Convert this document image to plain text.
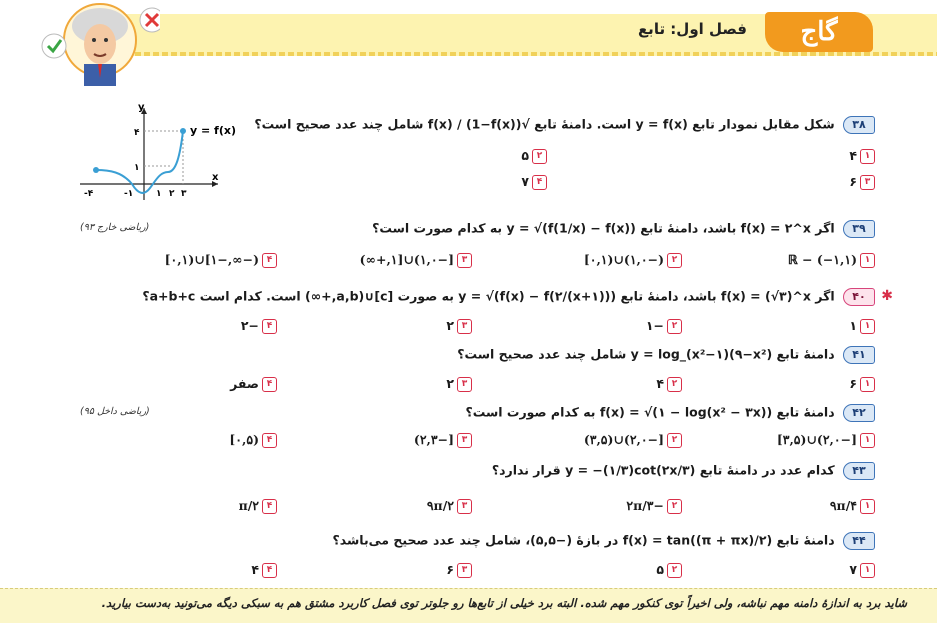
فصل اول: تابع	گاج
x
y
y = f(x)
۴
۱
-۴	-۱	۱ ۲ ۳
(ریاضی خارج ۹۳)
۳۸ شکل مقابل نمودار تابع y = f(x) است. دامنهٔ تابع √f(x) / (1−f(x)) شامل چند عدد صحیح است؟
۱۴
۲۵
۳۶
۴۷
۳۹ اگر f(x) = ۲^x باشد، دامنهٔ تابع y = √(f(1/x) − f(x)) به کدام صورت است؟
۱ℝ − (−۱,۱)
۲(−۱,۰)∪(۰,۱]
۳[−۱,۰)∪[۱,+∞)
۴(−∞,−۱]∪(۰,۱]
✱
۴۰ اگر f(x) = (√۳)^x باشد، دامنهٔ تابع y = √(f(x) − f(۲/(x+۱))) به صورت [a,b)∪[c,+∞) است. کدام است a+b+c؟
۱۱
۲−۱
۳۲
۴−۲
۴۱ دامنهٔ تابع y = log_(x²−۱)(۹−x²) شامل چند عدد صحیح است؟
۱۶
۲۴
۳۲
۴صفر
۴۲ دامنهٔ تابع f(x) = √(۱ − log(x² − ۳x)) به کدام صورت است؟
(ریاضی داخل ۹۵)
۱[−۲,۰)∪(۳,۵]
۲[−۲,۰)∪(۳,۵)
۳[−۲,۳)
۴(۰,۵]
۴۳ کدام عدد در دامنهٔ تابع y = −(۱/۳)cot(۲x/۳) قرار ندارد؟
۱۹π/۴
۲−۲π/۳
۳۹π/۲
۴π/۲
۴۴ دامنهٔ تابع f(x) = tan((π + πx)/۲) در بازهٔ (−۵,۵)، شامل چند عدد صحیح می‌باشد؟
۱۷
۲۵
۳۶
۴۴
شاید برد به اندازهٔ دامنه مهم نباشه، ولی اخیراً توی کنکور مهم شده. البته برد خیلی از تابع‌ها رو جلوتر توی فصل کاربرد مشتق هم به سبکی دیگه می‌تونید به‌دست بیارید.
